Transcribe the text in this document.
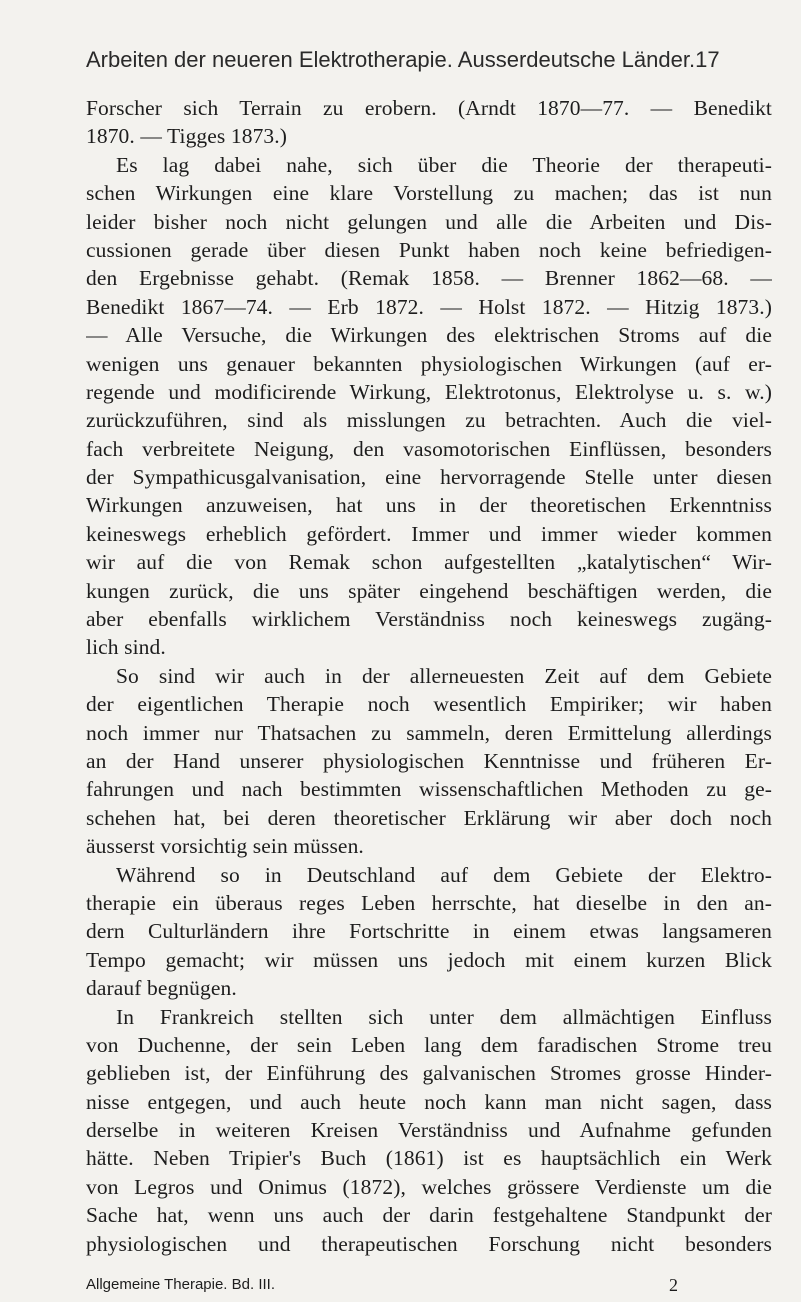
Arbeiten der neueren Elektrotherapie. Ausserdeutsche Länder. 17
Forscher sich Terrain zu erobern. (Arndt 1870—77. — Benedikt
1870. — Tigges 1873.)
Es lag dabei nahe, sich über die Theorie der therapeuti-
schen Wirkungen eine klare Vorstellung zu machen; das ist nun
leider bisher noch nicht gelungen und alle die Arbeiten und Dis-
cussionen gerade über diesen Punkt haben noch keine befriedigen-
den Ergebnisse gehabt. (Remak 1858. — Brenner 1862—68. —
Benedikt 1867—74. — Erb 1872. — Holst 1872. — Hitzig 1873.)
— Alle Versuche, die Wirkungen des elektrischen Stroms auf die
wenigen uns genauer bekannten physiologischen Wirkungen (auf er-
regende und modificirende Wirkung, Elektrotonus, Elektrolyse u. s. w.)
zurückzuführen, sind als misslungen zu betrachten. Auch die viel-
fach verbreitete Neigung, den vasomotorischen Einflüssen, besonders
der Sympathicusgalvanisation, eine hervorragende Stelle unter diesen
Wirkungen anzuweisen, hat uns in der theoretischen Erkenntniss
keineswegs erheblich gefördert. Immer und immer wieder kommen
wir auf die von Remak schon aufgestellten „katalytischen“ Wir-
kungen zurück, die uns später eingehend beschäftigen werden, die
aber ebenfalls wirklichem Verständniss noch keineswegs zugäng-
lich sind.
So sind wir auch in der allerneuesten Zeit auf dem Gebiete
der eigentlichen Therapie noch wesentlich Empiriker; wir haben
noch immer nur Thatsachen zu sammeln, deren Ermittelung allerdings
an der Hand unserer physiologischen Kenntnisse und früheren Er-
fahrungen und nach bestimmten wissenschaftlichen Methoden zu ge-
schehen hat, bei deren theoretischer Erklärung wir aber doch noch
äusserst vorsichtig sein müssen.
Während so in Deutschland auf dem Gebiete der Elektro-
therapie ein überaus reges Leben herrschte, hat dieselbe in den an-
dern Culturländern ihre Fortschritte in einem etwas langsameren
Tempo gemacht; wir müssen uns jedoch mit einem kurzen Blick
darauf begnügen.
In Frankreich stellten sich unter dem allmächtigen Einfluss
von Duchenne, der sein Leben lang dem faradischen Strome treu
geblieben ist, der Einführung des galvanischen Stromes grosse Hinder-
nisse entgegen, und auch heute noch kann man nicht sagen, dass
derselbe in weiteren Kreisen Verständniss und Aufnahme gefunden
hätte. Neben Tripier's Buch (1861) ist es hauptsächlich ein Werk
von Legros und Onimus (1872), welches grössere Verdienste um die
Sache hat, wenn uns auch der darin festgehaltene Standpunkt der
physiologischen und therapeutischen Forschung nicht besonders
Allgemeine Therapie. Bd. III.	2
